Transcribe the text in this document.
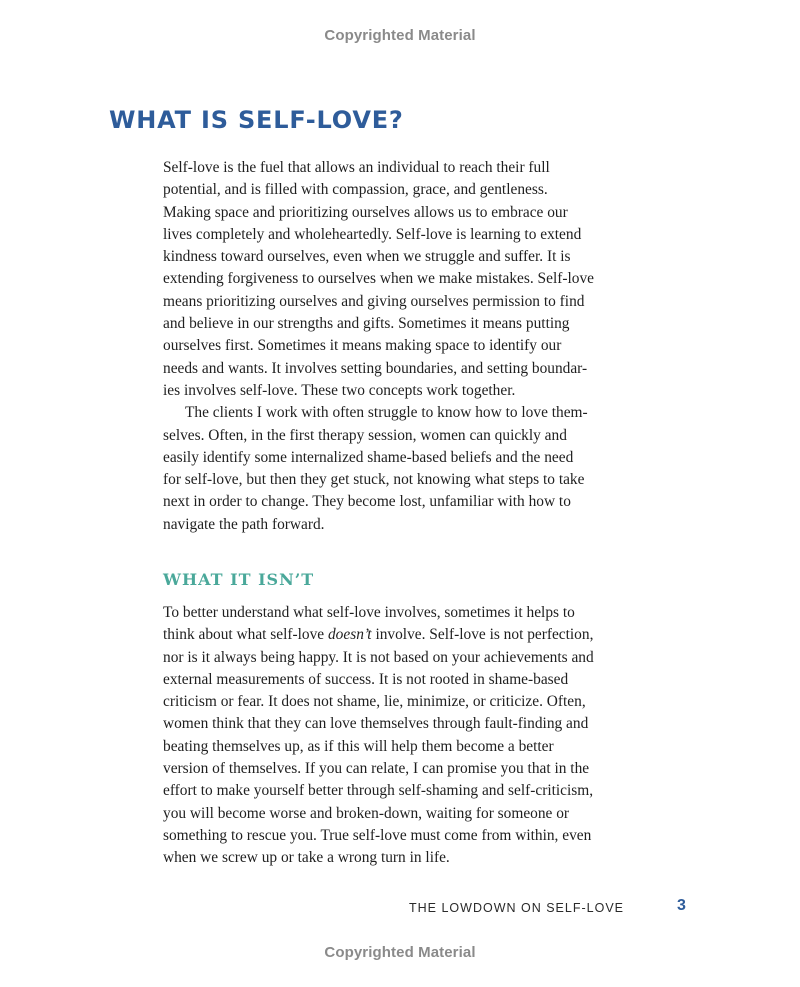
Copyrighted Material
WHAT IS SELF-LOVE?
Self-love is the fuel that allows an individual to reach their full
potential, and is filled with compassion, grace, and gentleness.
Making space and prioritizing ourselves allows us to embrace our
lives completely and wholeheartedly. Self-love is learning to extend
kindness toward ourselves, even when we struggle and suffer. It is
extending forgiveness to ourselves when we make mistakes. Self-love
means prioritizing ourselves and giving ourselves permission to find
and believe in our strengths and gifts. Sometimes it means putting
ourselves first. Sometimes it means making space to identify our
needs and wants. It involves setting boundaries, and setting boundar-
ies involves self-love. These two concepts work together.
The clients I work with often struggle to know how to love them-
selves. Often, in the first therapy session, women can quickly and
easily identify some internalized shame-based beliefs and the need
for self-love, but then they get stuck, not knowing what steps to take
next in order to change. They become lost, unfamiliar with how to
navigate the path forward.
WHAT IT ISN’T
To better understand what self-love involves, sometimes it helps to
think about what self-love doesn’t involve. Self-love is not perfection,
nor is it always being happy. It is not based on your achievements and
external measurements of success. It is not rooted in shame-based
criticism or fear. It does not shame, lie, minimize, or criticize. Often,
women think that they can love themselves through fault-finding and
beating themselves up, as if this will help them become a better
version of themselves. If you can relate, I can promise you that in the
effort to make yourself better through self-shaming and self-criticism,
you will become worse and broken-down, waiting for someone or
something to rescue you. True self-love must come from within, even
when we screw up or take a wrong turn in life.
THE LOWDOWN ON SELF-LOVE	3
Copyrighted Material
